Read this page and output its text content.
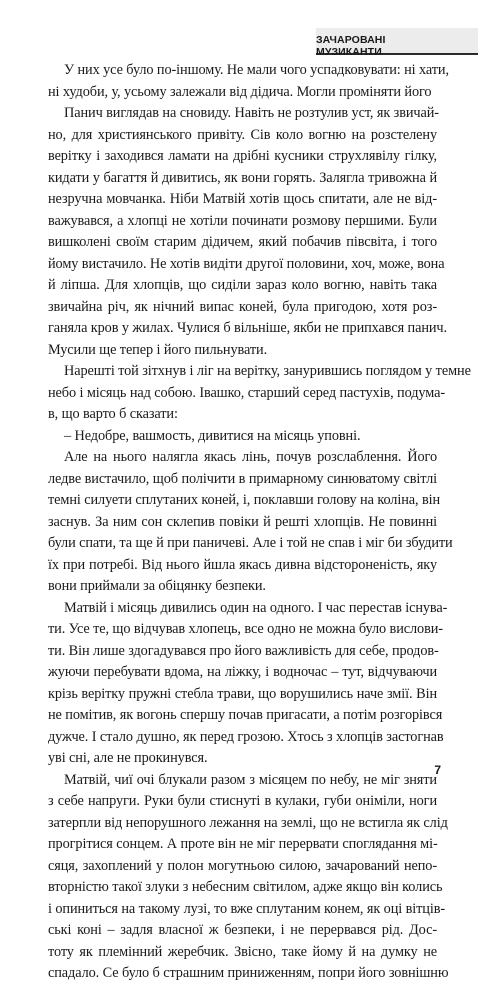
ЗАЧАРОВАНІ МУЗИКАНТИ
У них усе було по-іншому. Не мали чого успадковувати: ні хати,
ні худоби, у, усьому залежали від дідича. Могли проміняти його
Панич виглядав на сновиду. Навіть не розтулив уст, як звичай-
но, для християнського привіту. Сів коло вогню на розстелену
верітку і заходився ламати на дрібні кусники струхлявілу гілку,
кидати у багаття й дивитись, як вони горять. Залягла тривожна й
незручна мовчанка. Ніби Матвій хотів щось спитати, але не від-
важувався, а хлопці не хотіли починати розмову першими. Були
вишколені своїм старим дідичем, який побачив півсвіта, і того
йому вистачило. Не хотів видіти другої половини, хоч, може, вона
й ліпша. Для хлопців, що сиділи зараз коло вогню, навіть така
звичайна річ, як нічний випас коней, була пригодою, хотя роз-
ганяла кров у жилах. Чулися б вільніше, якби не припхався панич.
Мусили ще тепер і його пильнувати.
Нарешті той зітхнув і ліг на верітку, занурившись поглядом у темне
небо і місяць над собою. Івашко, старший серед пастухів, подума-
в, що варто б сказати:
– Недобре, вашмость, дивитися на місяць уповні.
Але на нього налягла якась лінь, почув розслаблення. Його
ледве вистачило, щоб полічити в примарному синюватому світлі
темні силуети сплутаних коней, і, поклавши голову на коліна, він
заснув. За ним сон склепив повіки й решті хлопців. Не повинні
були спати, та ще й при паничеві. Але і той не спав і міг би збудити
їх при потребі. Від нього йшла якась дивна відстороненість, яку
вони приймали за обіцянку безпеки.
Матвій і місяць дивились один на одного. І час перестав існува-
ти. Усе те, що відчував хлопець, все одно не можна було вислови-
ти. Він лише здогадувався про його важливість для себе, продов-
жуючи перебувати вдома, на ліжку, і водночас – тут, відчуваючи
крізь верітку пружні стебла трави, що ворушились наче змії. Він
не помітив, як вогонь спершу почав пригасати, а потім розгорівся
дужче. І стало душно, як перед грозою. Хтось з хлопців застогнав
уві сні, але не прокинувся.
Матвій, чиї очі блукали разом з місяцем по небу, не міг зняти
з себе напруги. Руки були стиснуті в кулаки, губи оніміли, ноги
затерпли від непорушного лежання на землі, що не встигла як слід
прогрітися сонцем. А проте він не міг перервати споглядання мі-
сяця, захоплений у полон могутньою силою, зачарований непо-
вторністю такої злуки з небесним світилом, адже якщо він колись
і опиниться на такому лузі, то вже сплутаним конем, як оці вітців-
ські коні – задля власної ж безпеки, і не перервався рід. Дос-
тоту як племінний жеребчик. Звісно, таке йому й на думку не
спадало. Се було б страшним приниженням, попри його зовнішню
7
